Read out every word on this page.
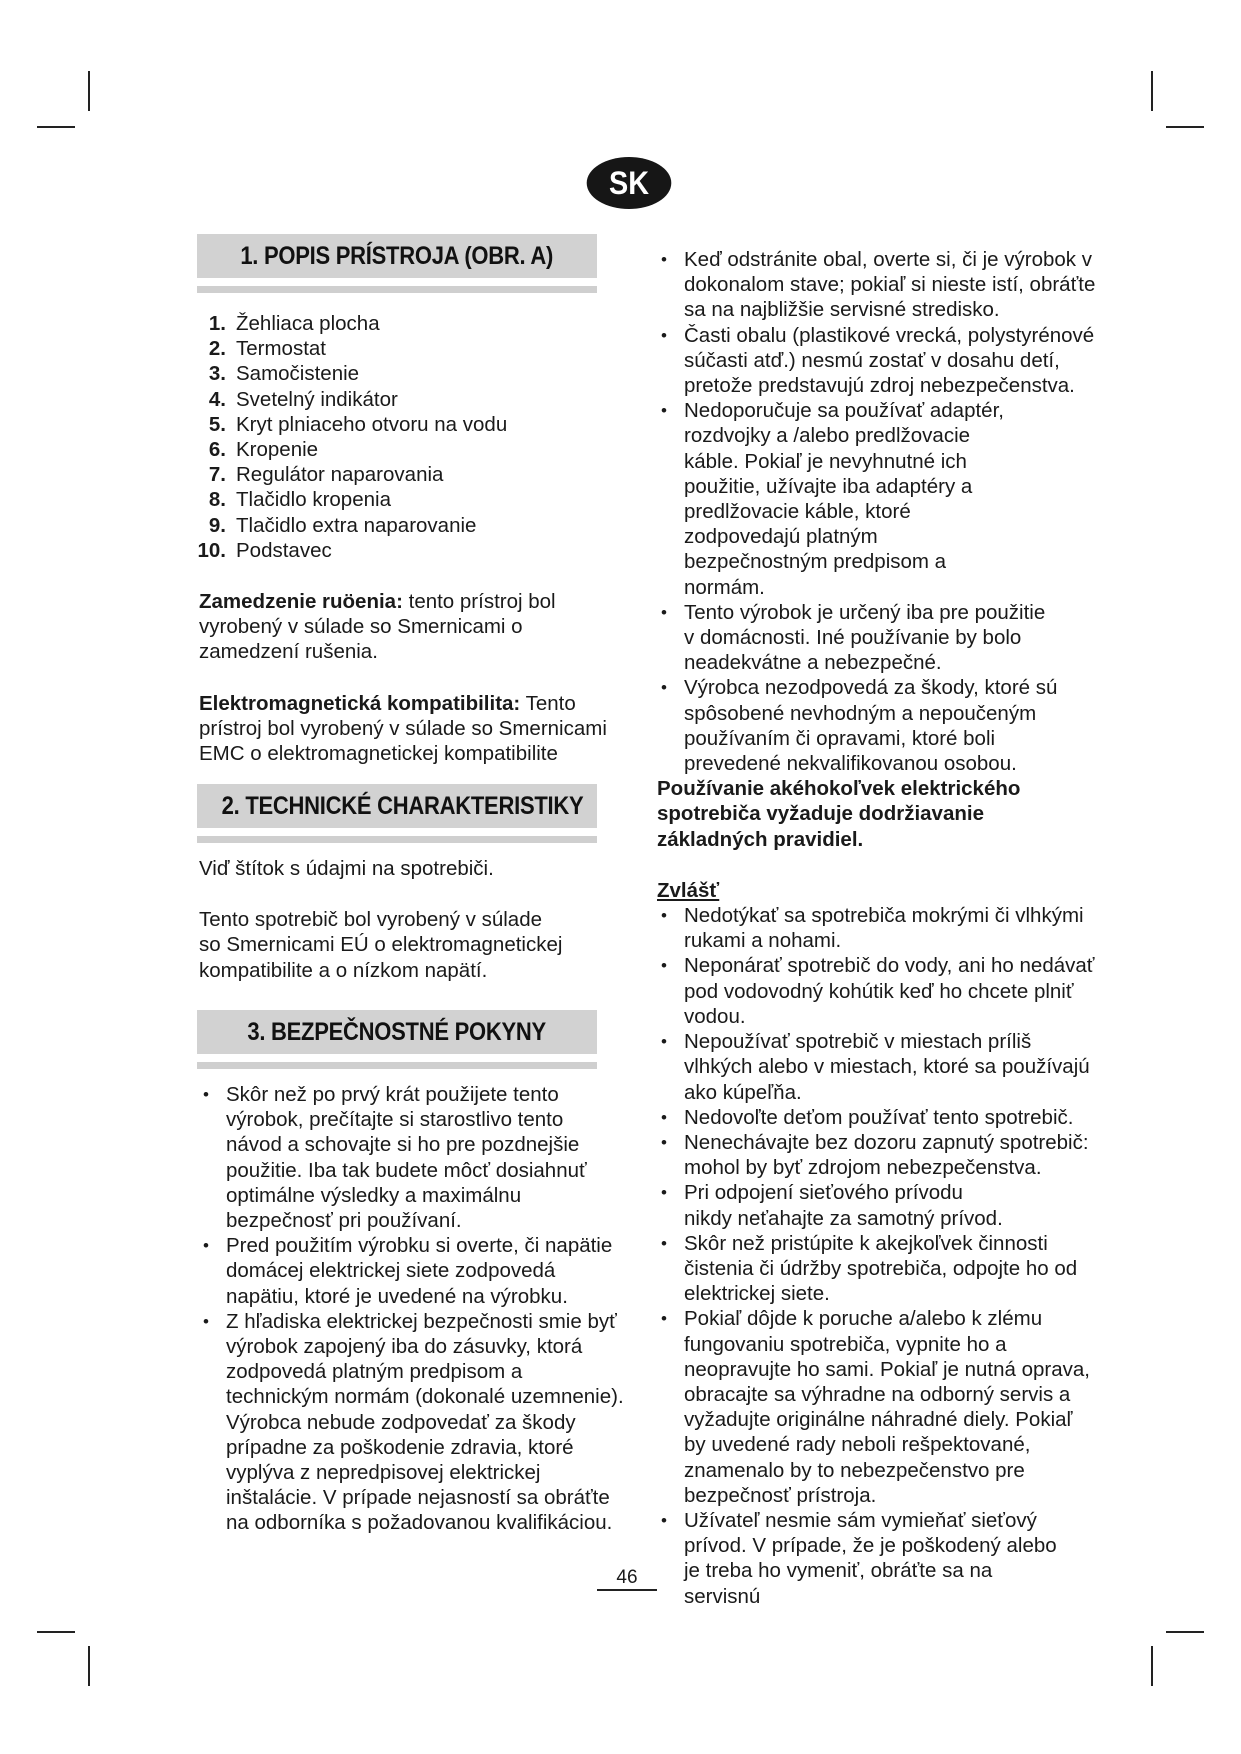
SK
1. POPIS PRÍSTROJA (OBR. A)
1. Žehliaca plocha
2. Termostat
3. Samočistenie
4. Svetelný indikátor
5. Kryt plniaceho otvoru na vodu
6. Kropenie
7. Regulátor naparovania
8. Tlačidlo kropenia
9. Tlačidlo extra naparovanie
10. Podstavec

Zamedzenie ruöenia: tento prístroj bol vyrobený v súlade so Smernicami o zamedzení rušenia.

Elektromagnetická kompatibilita: Tento prístroj bol vyrobený v súlade so Smernicami EMC o elektromagnetickej kompatibilite

2. TECHNICKÉ CHARAKTERISTIKY

Viď štítok s údajmi na spotrebiči.

Tento spotrebič bol vyrobený v súlade so Smernicami EÚ o elektromagnetickej kompatibilite a o nízkom napätí.

3. BEZPEČNOSTNÉ POKYNY
• Skôr než po prvý krát použijete tento výrobok, prečítajte si starostlivo tento návod a schovajte si ho pre pozdnejšie použitie. Iba tak budete môcť dosiahnuť optimálne výsledky a maximálnu bezpečnosť pri používaní.
• Pred použitím výrobku si overte, či napätie domácej elektrickej siete zodpovedá napätiu, ktoré je uvedené na výrobku.
• Z hľadiska elektrickej bezpečnosti smie byť výrobok zapojený iba do zásuvky, ktorá zodpovedá platným predpisom a technickým normám (dokonalé uzemnenie). Výrobca nebude zodpovedať za škody prípadne za poškodenie zdravia, ktoré vyplýva z nepredpisovej elektrickej inštalácie. V prípade nejasností sa obráťte na odborníka s požadovanou kvalifikáciou.
• Keď odstránite obal, overte si, či je výrobok v dokonalom stave; pokiaľ si nieste istí, obráťte sa na najbližšie servisné stredisko.
• Časti obalu (plastikové vrecká, polystyrénové súčasti atď.) nesmú zostať v dosahu detí, pretože predstavujú zdroj nebezpečenstva.
• Nedoporučuje sa používať adaptér, rozdvojky a /alebo predlžovacie káble. Pokiaľ je nevyhnutné ich použitie, užívajte iba adaptéry a predlžovacie káble, ktoré zodpovedajú platným bezpečnostným predpisom a normám.
• Tento výrobok je určený iba pre použitie v domácnosti. Iné používanie by bolo neadekvátne a nebezpečné.
• Výrobca nezodpovedá za škody, ktoré sú spôsobené nevhodným a nepoučeným používaním či opravami, ktoré boli prevedené nekvalifikovanou osobou.

Používanie akéhokoľvek elektrického spotrebiča vyžaduje dodržiavanie základných pravidiel.

Zvlášť

• Nedotýkať sa spotrebiča mokrými či vlhkými rukami a nohami.
• Neponárať spotrebič do vody, ani ho nedávať pod vodovodný kohútik keď ho chcete plniť vodou.
• Nepoužívať spotrebič v miestach príliš vlhkých alebo v miestach, ktoré sa používajú ako kúpeľňa.
• Nedovoľte deťom používať tento spotrebič.
• Nenechávajte bez dozoru zapnutý spotrebič: mohol by byť zdrojom nebezpečenstva.
• Pri odpojení sieťového prívodu nikdy neťahajte za samotný prívod.
• Skôr než pristúpite k akejkoľvek činnosti čistenia či údržby spotrebiča, odpojte ho od elektrickej siete.
• Pokiaľ dôjde k poruche a/alebo k zlému fungovaniu spotrebiča, vypnite ho a neopravujte ho sami. Pokiaľ je nutná oprava, obracajte sa výhradne na odborný servis a vyžadujte originálne náhradné diely. Pokiaľ by uvedené rady neboli rešpektované, znamenalo by to nebezpečenstvo pre bezpečnosť prístroja.
• Užívateľ nesmie sám vymieňať sieťový prívod. V prípade, že je poškodený alebo je treba ho vymeniť, obráťte sa na servisnú
46
